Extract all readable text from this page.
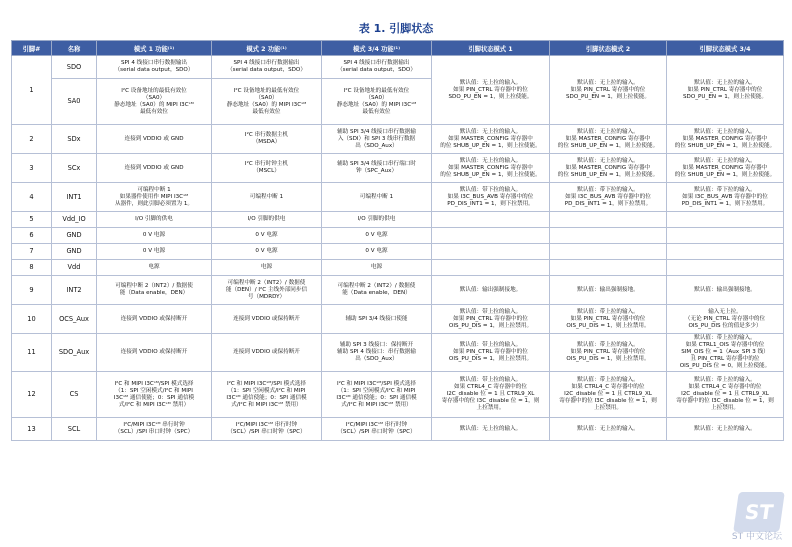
表 1. 引脚状态
引脚#	名称	模式 1 功能⁽¹⁾	模式 2 功能⁽¹⁾	模式 3/4 功能⁽¹⁾	引脚状态模式 1	引脚状态模式 2	引脚状态模式 3/4
1	SDO	SPI 4 线接口串行数据输出
（serial data output，SDO）	SPI 4 线接口串行数据输出
（serial data output，SDO）	SPI 4 线接口串行数据输出
（serial data output，SDO）	默认值：无上拉的输入。
如果 PIN_CTRL 寄存器中的位
SDO_PU_EN = 1，则上拉使能。	默认值：无上拉的输入。
如果 PIN_CTRL 寄存器中的位
SDO_PU_EN = 1，则上拉使能。	默认值：无上拉的输入。
如果 PIN_CTRL 寄存器中的位
SDO_PU_EN = 1，则上拉使能。

	SA0	I²C 设备地址的最低有效位
（SA0）
静态地址（SA0）的 MIPI I3Cˢᴹ
最低有效位	I²C 设备地址的最低有效位
（SA0）
静态地址（SA0）的 MIPI I3Cˢᴹ
最低有效位	I²C 设备地址的最低有效位
（SA0）
静态地址（SA0）的 MIPI I3Cˢᴹ
最低有效位			

2	SDx	连接到 VDDIO 或 GND	I²C 串行数据主机
（MSDA）	辅助 SPI 3/4 线接口串行数据输
入（SDI）和 SPI 3 线串行数据
出（SDO_Aux）	默认值：无上拉的输入。
如果 MASTER_CONFIG 寄存器中
的位 SHUB_UP_EN = 1，则上拉使能。	默认值：无上拉的输入。
如果 MASTER_CONFIG 寄存器中
的位 SHUB_UP_EN = 1，则上拉使能。	默认值：无上拉的输入。
如果 MASTER_CONFIG 寄存器中
的位 SHUB_UP_EN = 1，则上拉使能。

3	SCx	连接到 VDDIO 或 GND	I²C 串行时钟主机
（MSCL）	辅助 SPI 3/4 线接口串行端口时
钟（SPC_Aux）	默认值：无上拉的输入。
如果 MASTER_CONFIG 寄存器中
的位 SHUB_UP_EN = 1，则上拉使能。	默认值：无上拉的输入。
如果 MASTER_CONFIG 寄存器中
的位 SHUB_UP_EN = 1，则上拉使能。	默认值：无上拉的输入。
如果 MASTER_CONFIG 寄存器中
的位 SHUB_UP_EN = 1，则上拉使能。

4	INT1	可编程中断 1
如果器件使用作 MIPI I3Cˢᴹ
从器件，则此引脚必须置为 1。	可编程中断 1	可编程中断 1	默认值：带下拉的输入。
如果 I3C_BUS_AVB 寄存器中的位
PD_DIS_INT1 = 1，则下拉禁用。	默认值：带下拉的输入。
如果 I3C_BUS_AVB 寄存器中的位
PD_DIS_INT1 = 1，则下拉禁用。	默认值：带下拉的输入。
如果 I3C_BUS_AVB 寄存器中的位
PD_DIS_INT1 = 1，则下拉禁用。

5	Vdd_IO	I/O 引脚的供电	I/O 引脚的供电	I/O 引脚的供电			

6	GND	0 V 电源	0 V 电源	0 V 电源			

7	GND	0 V 电源	0 V 电源	0 V 电源			

8	Vdd	电源	电源	电源			

9	INT2	可编程中断 2（INT2）/ 数据使
能（Data enable，DEN）	可编程中断 2（INT2）/ 数据使
能（DEN）/ I²C 主线外部同步信
号（MDRDY）	可编程中断 2（INT2）/ 数据使
能（Data enable，DEN）	默认值：输出强制接地。	默认值：输出强制接地。	默认值：输出强制接地。

10	OCS_Aux	连接到 VDDIO 或保持断开	连接到 VDDIO 或保持断开	辅助 SPI 3/4 线接口使能	默认值：带上拉的输入。
如果 PIN_CTRL 寄存器中的位
OIS_PU_DIS = 1，则上拉禁用。	默认值：带上拉的输入。
如果 PIN_CTRL 寄存器中的位
OIS_PU_DIS = 1，则上拉禁用。	输入无上拉。
（无论 PIN_CTRL 寄存器中的位
OIS_PU_DIS 位的值是多少）

11	SDO_Aux	连接到 VDDIO 或保持断开	连接到 VDDIO 或保持断开	辅助 SPI 3 线接口：保持断开
辅助 SPI 4 线接口：串行数据输
出（SDO_Aux）	默认值：带上拉的输入。
如果 PIN_CTRL 寄存器中的位
OIS_PU_DIS = 1，则上拉禁用。	默认值：带上拉的输入。
如果 PIN_CTRL 寄存器中的位
OIS_PU_DIS = 1，则上拉禁用。	默认值：带上拉的输入。
如果 CTRL1_OIS 寄存器中的位
SIM_OIS 位 = 1（Aux_SPI 3 线）
且 PIN_CTRL 寄存器中的位
OIS_PU_DIS 位 = 0，则上拉使能。

12	CS	I²C 和 MIPI I3Cˢᴹ/SPI 模式选择
（1：SPI 空闲模式/I²C 和 MIPI
I3Cˢᴹ 通信使能；0：SPI 通信模
式/I²C 和 MIPI I3Cˢᴹ 禁用）	I²C 和 MIPI I3Cˢᴹ/SPI 模式选择
（1：SPI 空闲模式/I²C 和 MIPI
I3Cˢᴹ 通信使能；0：SPI 通信模
式/I²C 和 MIPI I3Cˢᴹ 禁用）	I²C 和 MIPI I3Cˢᴹ/SPI 模式选择
（1：SPI 空闲模式/I²C 和 MIPI
I3Cˢᴹ 通信使能；0：SPI 通信模
式/I²C 和 MIPI I3Cˢᴹ 禁用）	默认值：带上拉的输入。
如果 CTRL4_C 寄存器中的位
I2C_disable 位 = 1 且 CTRL9_XL
寄存器中的位 I3C_disable 位 = 1，则
上拉禁用。	默认值：带上拉的输入。
如果 CTRL4_C 寄存器中的位
I2C_disable 位 = 1 且 CTRL9_XL
寄存器中的位 I3C_disable 位 = 1，则
上拉禁用。	默认值：带上拉的输入。
如果 CTRL4_C 寄存器中的位
I2C_disable 位 = 1 且 CTRL9_XL
寄存器中的位 I3C_disable 位 = 1，则
上拉禁用。

13	SCL	I²C/MIPI I3Cˢᴹ 串行时钟
（SCL）/SPI 串口时钟（SPC）	I²C/MIPI I3Cˢᴹ 串行时钟
（SCL）/SPI 串口时钟（SPC）	I²C/MIPI I3Cˢᴹ 串行时钟
（SCL）/SPI 串口时钟（SPC）	默认值：无上拉的输入。	默认值：无上拉的输入。	默认值：无上拉的输入。
ST
ST 中文论坛
